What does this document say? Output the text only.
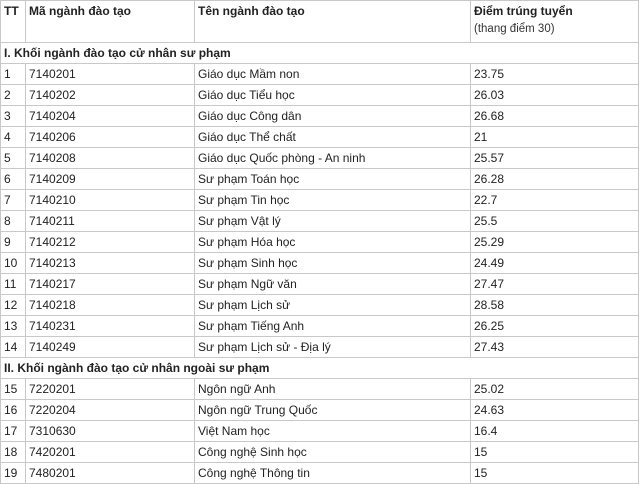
TT	Mã ngành đào tạo	Tên ngành đào tạo	Điểm trúng tuyển
(thang điểm 30)

I. Khối ngành đào tạo cử nhân sư phạm			
1	7140201	Giáo dục Mầm non	23.75
2	7140202	Giáo dục Tiểu học	26.03
3	7140204	Giáo dục Công dân	26.68
4	7140206	Giáo dục Thể chất	21
5	7140208	Giáo dục Quốc phòng - An ninh	25.57
6	7140209	Sư phạm Toán học	26.28
7	7140210	Sư phạm Tin học	22.7
8	7140211	Sư phạm Vật lý	25.5
9	7140212	Sư phạm Hóa học	25.29
10	7140213	Sư phạm Sinh học	24.49
11	7140217	Sư phạm Ngữ văn	27.47
12	7140218	Sư phạm Lịch sử	28.58
13	7140231	Sư phạm Tiếng Anh	26.25
14	7140249	Sư phạm Lịch sử - Địa lý	27.43
II. Khối ngành đào tạo cử nhân ngoài sư phạm			
15	7220201	Ngôn ngữ Anh	25.02
16	7220204	Ngôn ngữ Trung Quốc	24.63
17	7310630	Việt Nam học	16.4
18	7420201	Công nghệ Sinh học	15
19	7480201	Công nghệ Thông tin	15
